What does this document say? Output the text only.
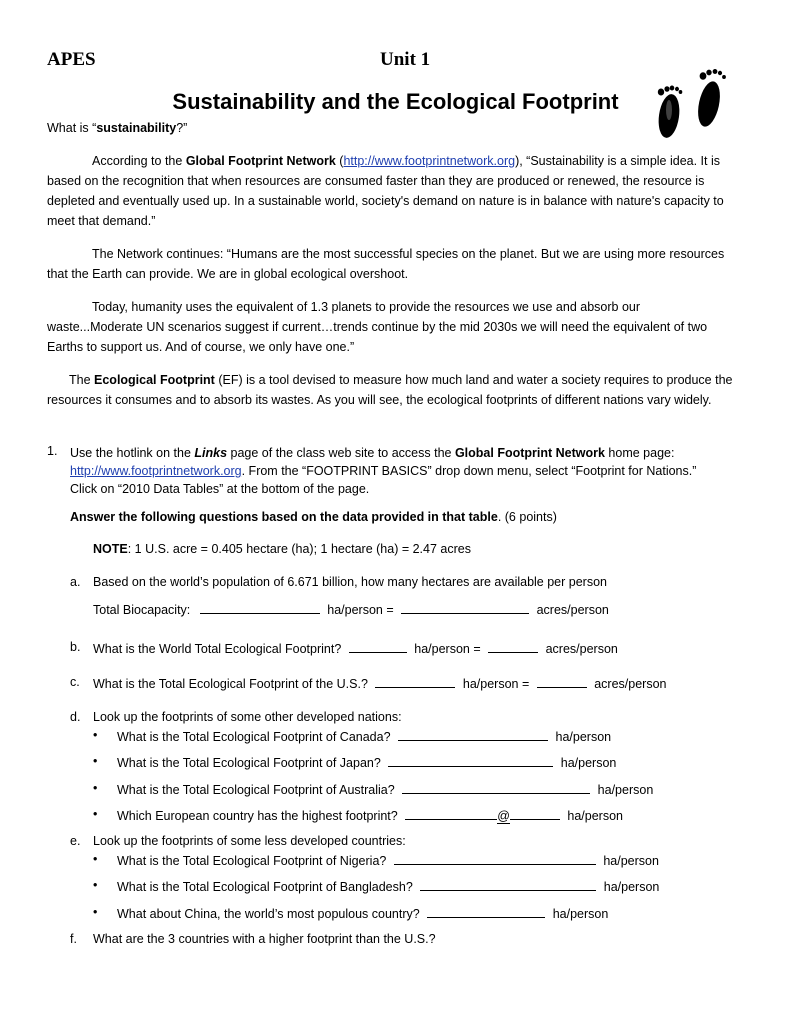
APES	Unit 1
Sustainability and the Ecological Footprint
What is “sustainability?”
According to the Global Footprint Network (http://www.footprintnetwork.org), “Sustainability is a simple idea. It is based on the recognition that when resources are consumed faster than they are produced or renewed, the resource is depleted and eventually used up. In a sustainable world, society's demand on nature is in balance with nature's capacity to meet that demand.”
The Network continues: “Humans are the most successful species on the planet. But we are using more resources that the Earth can provide. We are in global ecological overshoot.
Today, humanity uses the equivalent of 1.3 planets to provide the resources we use and absorb our waste...Moderate UN scenarios suggest if current…trends continue by the mid 2030s we will need the equivalent of two Earths to support us. And of course, we only have one.”
The Ecological Footprint (EF) is a tool devised to measure how much land and water a society requires to produce the resources it consumes and to absorb its wastes. As you will see, the ecological footprints of different nations vary widely.
1. Use the hotlink on the Links page of the class web site to access the Global Footprint Network home page:
http://www.footprintnetwork.org. From the “FOOTPRINT BASICS” drop down menu, select “Footprint for Nations.”
Click on “2010 Data Tables” at the bottom of the page.
Answer the following questions based on the data provided in that table. (6 points)
NOTE: 1 U.S. acre = 0.405 hectare (ha); 1 hectare (ha) = 2.47 acres
a. Based on the world’s population of 6.671 billion, how many hectares are available per person
Total Biocapacity:	ha/person =	acres/person
b. What is the World Total Ecological Footprint?	ha/person =	acres/person
c. What is the Total Ecological Footprint of the U.S.?	ha/person =	acres/person
d. Look up the footprints of some other developed nations:
• What is the Total Ecological Footprint of Canada?	ha/person
• What is the Total Ecological Footprint of Japan?	ha/person
• What is the Total Ecological Footprint of Australia?	ha/person
• Which European country has the highest footprint?	@	ha/person
e. Look up the footprints of some less developed countries:
• What is the Total Ecological Footprint of Nigeria?	ha/person
• What is the Total Ecological Footprint of Bangladesh?	ha/person
• What about China, the world’s most populous country?	ha/person
f. What are the 3 countries with a higher footprint than the U.S.?
